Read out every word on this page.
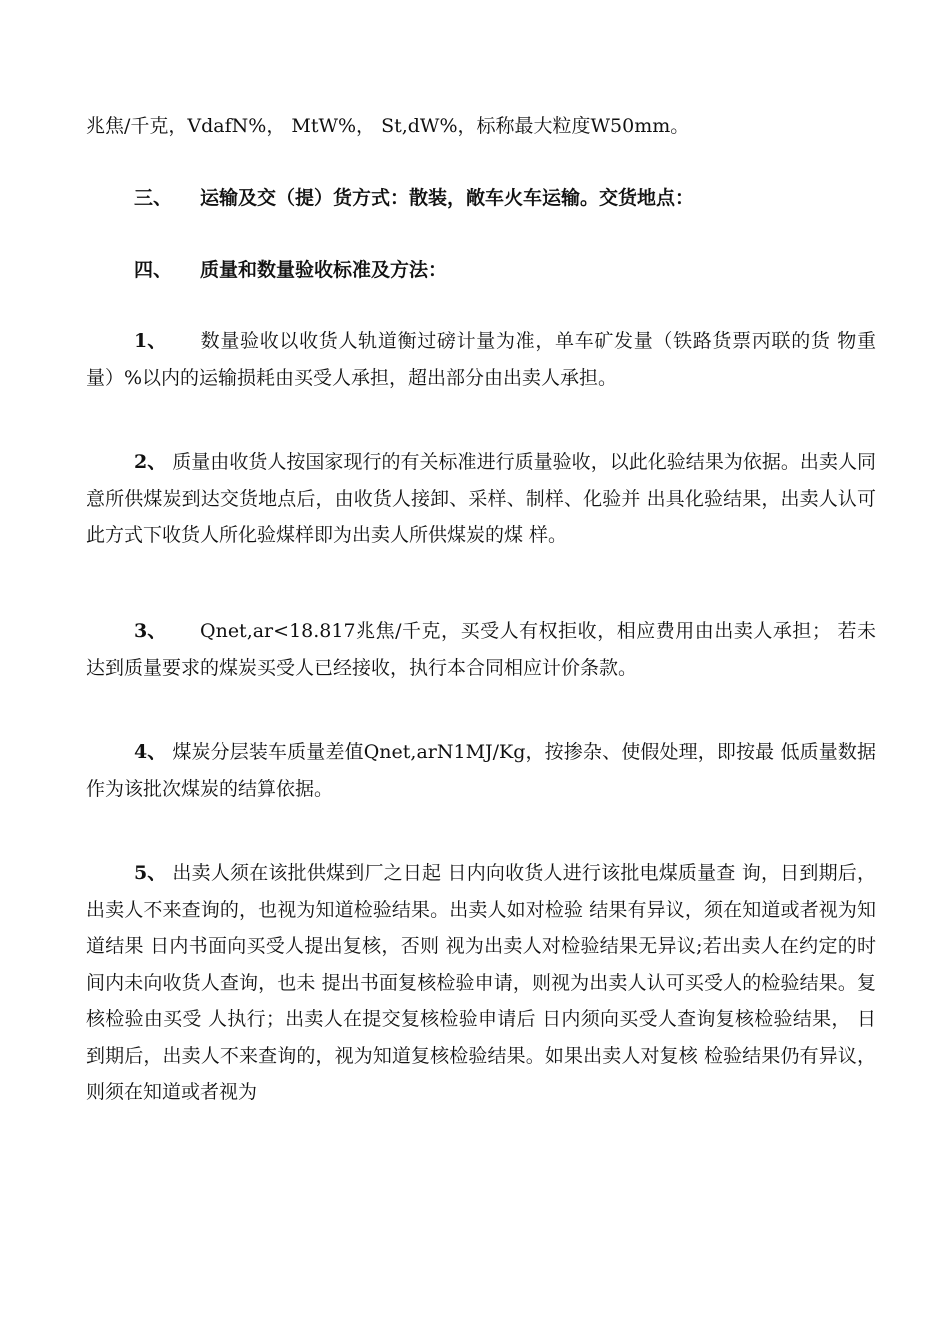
兆焦/千克，VdafN%， MtW%， St,dW%，标称最大粒度W50mm。

三、 运输及交（提）货方式：散装，敞车火车运输。交货地点：

四、 质量和数量验收标准及方法：

1、 数量验收以收货人轨道衡过磅计量为准，单车矿发量（铁路货票丙联的货 物重量）%以内的运输损耗由买受人承担，超出部分由出卖人承担。

2、 质量由收货人按国家现行的有关标准进行质量验收，以此化验结果为依据。出卖人同意所供煤炭到达交货地点后，由收货人接卸、采样、制样、化验并 出具化验结果，出卖人认可此方式下收货人所化验煤样即为出卖人所供煤炭的煤 样。

3、 Qnet,ar<18.817兆焦/千克，买受人有权拒收，相应费用由出卖人承担； 若未达到质量要求的煤炭买受人已经接收，执行本合同相应计价条款。

4、 煤炭分层装车质量差值Qnet,arN1MJ/Kg，按掺杂、使假处理，即按最 低质量数据作为该批次煤炭的结算依据。

5、 出卖人须在该批供煤到厂之日起 日内向收货人进行该批电煤质量查 询，日到期后，出卖人不来查询的，也视为知道检验结果。出卖人如对检验 结果有异议，须在知道或者视为知道结果 日内书面向买受人提出复核，否则 视为出卖人对检验结果无异议;若出卖人在约定的时间内未向收货人查询，也未 提出书面复核检验申请，则视为出卖人认可买受人的检验结果。复核检验由买受 人执行；出卖人在提交复核检验申请后 日内须向买受人查询复核检验结果， 日到期后，出卖人不来查询的，视为知道复核检验结果。如果出卖人对复核 检验结果仍有异议，则须在知道或者视为
